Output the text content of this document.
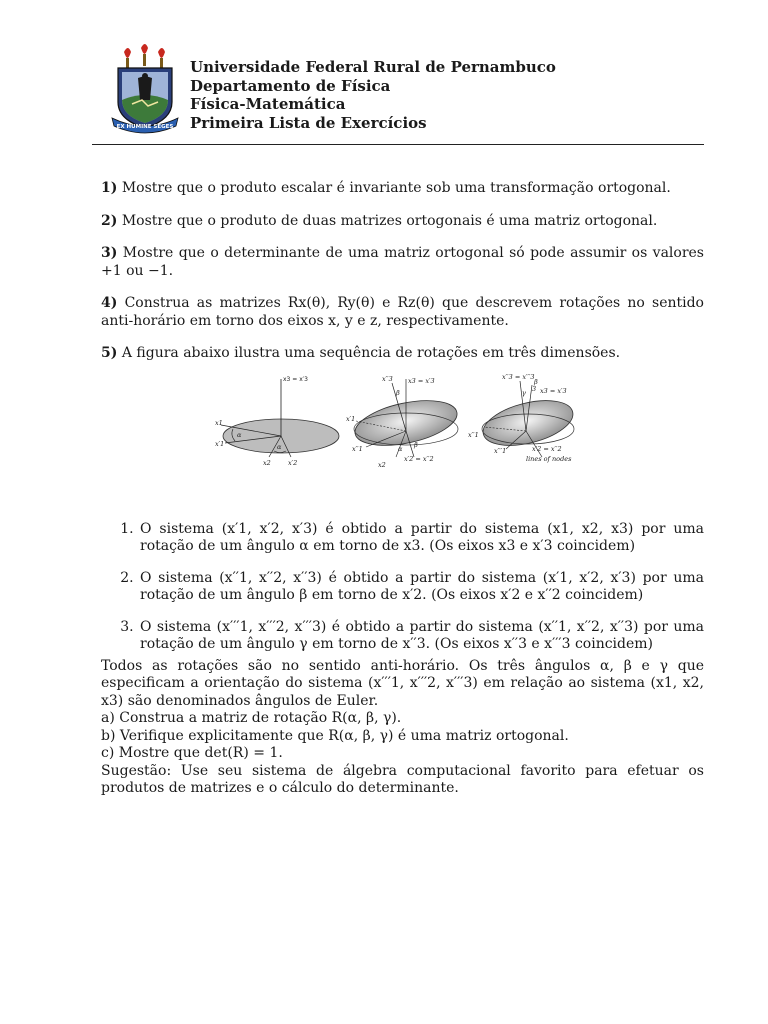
EX HUMINE SEGES
Universidade Federal Rural de Pernambuco
Departamento de Física
Física-Matemática
Primeira Lista de Exercícios

1) Mostre que o produto escalar é invariante sob uma transformação ortogonal.

2) Mostre que o produto de duas matrizes ortogonais é uma matriz ortogonal.

3) Mostre que o determinante de uma matriz ortogonal só pode assumir os valores +1 ou −1.

4) Construa as matrizes Rx(θ), Ry(θ) e Rz(θ) que descrevem rotações no sentido anti-horário em torno dos eixos x, y e z, respectivamente.

5) A figura abaixo ilustra uma sequência de rotações em três dimensões.

x3 = x′3
x1
x′1
x2	x′2
α
α
x′′3 x3 = x′3
β
x′1
x′′1	α β
x′2 = x′′2
x2
x′′3 = x′′′3
3
γ
β
x3 = x′3
x′′1
x′′′1	x′2 = x′′2
lines of nodes
1. O sistema (x′1, x′2, x′3) é obtido a partir do sistema (x1, x2, x3) por uma rotação de um ângulo α em torno de x3. (Os eixos x3 e x′3 coincidem)
2. O sistema (x′′1, x′′2, x′′3) é obtido a partir do sistema (x′1, x′2, x′3) por uma rotação de um ângulo β em torno de x′2. (Os eixos x′2 e x′′2 coincidem)
3. O sistema (x′′′1, x′′′2, x′′′3) é obtido a partir do sistema (x′′1, x′′2, x′′3) por uma rotação de um ângulo γ em torno de x′′3. (Os eixos x′′3 e x′′′3 coincidem)

Todos as rotações são no sentido anti-horário. Os três ângulos α, β e γ que especificam a orientação do sistema (x′′′1, x′′′2, x′′′3) em relação ao sistema (x1, x2, x3) são denominados ângulos de Euler.

a) Construa a matriz de rotação R(α, β, γ).

b) Verifique explicitamente que R(α, β, γ) é uma matriz ortogonal.

c) Mostre que det(R) = 1.

Sugestão: Use seu sistema de álgebra computacional favorito para efetuar os produtos de matrizes e o cálculo do determinante.
